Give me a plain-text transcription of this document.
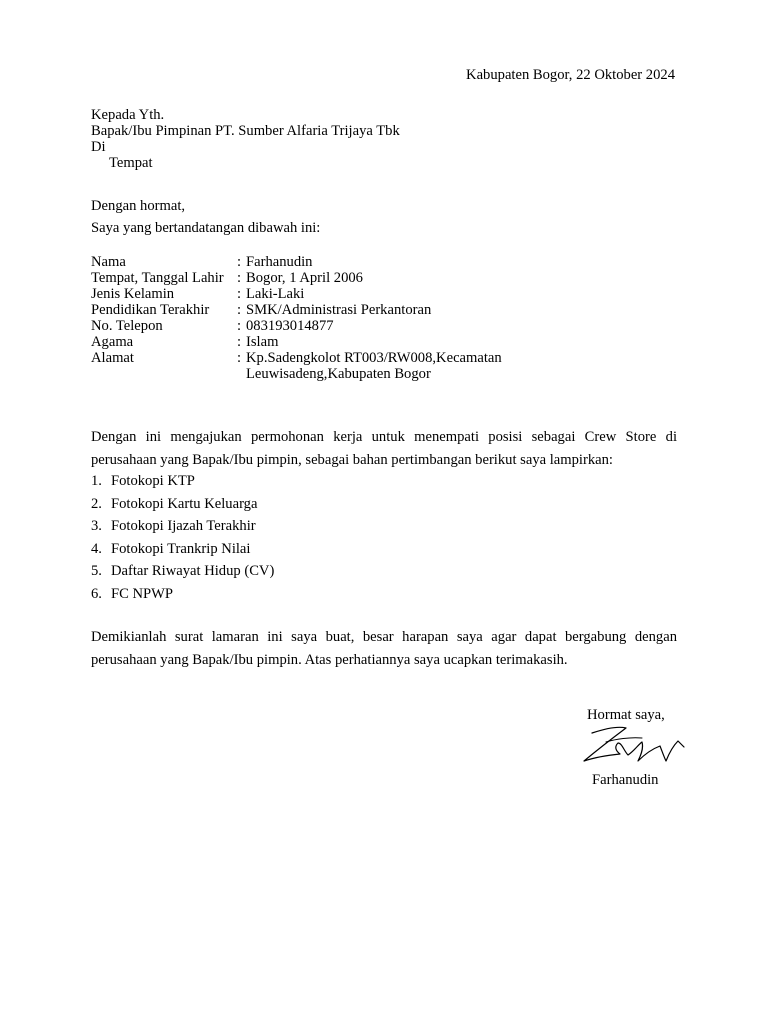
Kabupaten Bogor, 22 Oktober 2024
Kepada Yth.
Bapak/Ibu Pimpinan PT. Sumber Alfaria Trijaya Tbk
Di
Tempat
Dengan hormat,
Saya yang bertandatangan dibawah ini:
Nama	: Farhanudin
Tempat, Tanggal Lahir : Bogor, 1 April 2006
Jenis Kelamin	: Laki-Laki
Pendidikan Terakhir	: SMK/Administrasi Perkantoran
No. Telepon	: 083193014877
Agama	: Islam
Alamat	: Kp.Sadengkolot RT003/RW008,Kecamatan
Leuwisadeng,Kabupaten Bogor
Dengan ini mengajukan permohonan kerja untuk menempati posisi sebagai Crew Store di perusahaan yang Bapak/Ibu pimpin, sebagai bahan pertimbangan berikut saya lampirkan:
1. Fotokopi KTP
2. Fotokopi Kartu Keluarga
3. Fotokopi Ijazah Terakhir
4. Fotokopi Trankrip Nilai
5. Daftar Riwayat Hidup (CV)
6. FC NPWP
Demikianlah surat lamaran ini saya buat, besar harapan saya agar dapat bergabung dengan perusahaan yang Bapak/Ibu pimpin. Atas perhatiannya saya ucapkan terimakasih.
Hormat saya,
Farhanudin
